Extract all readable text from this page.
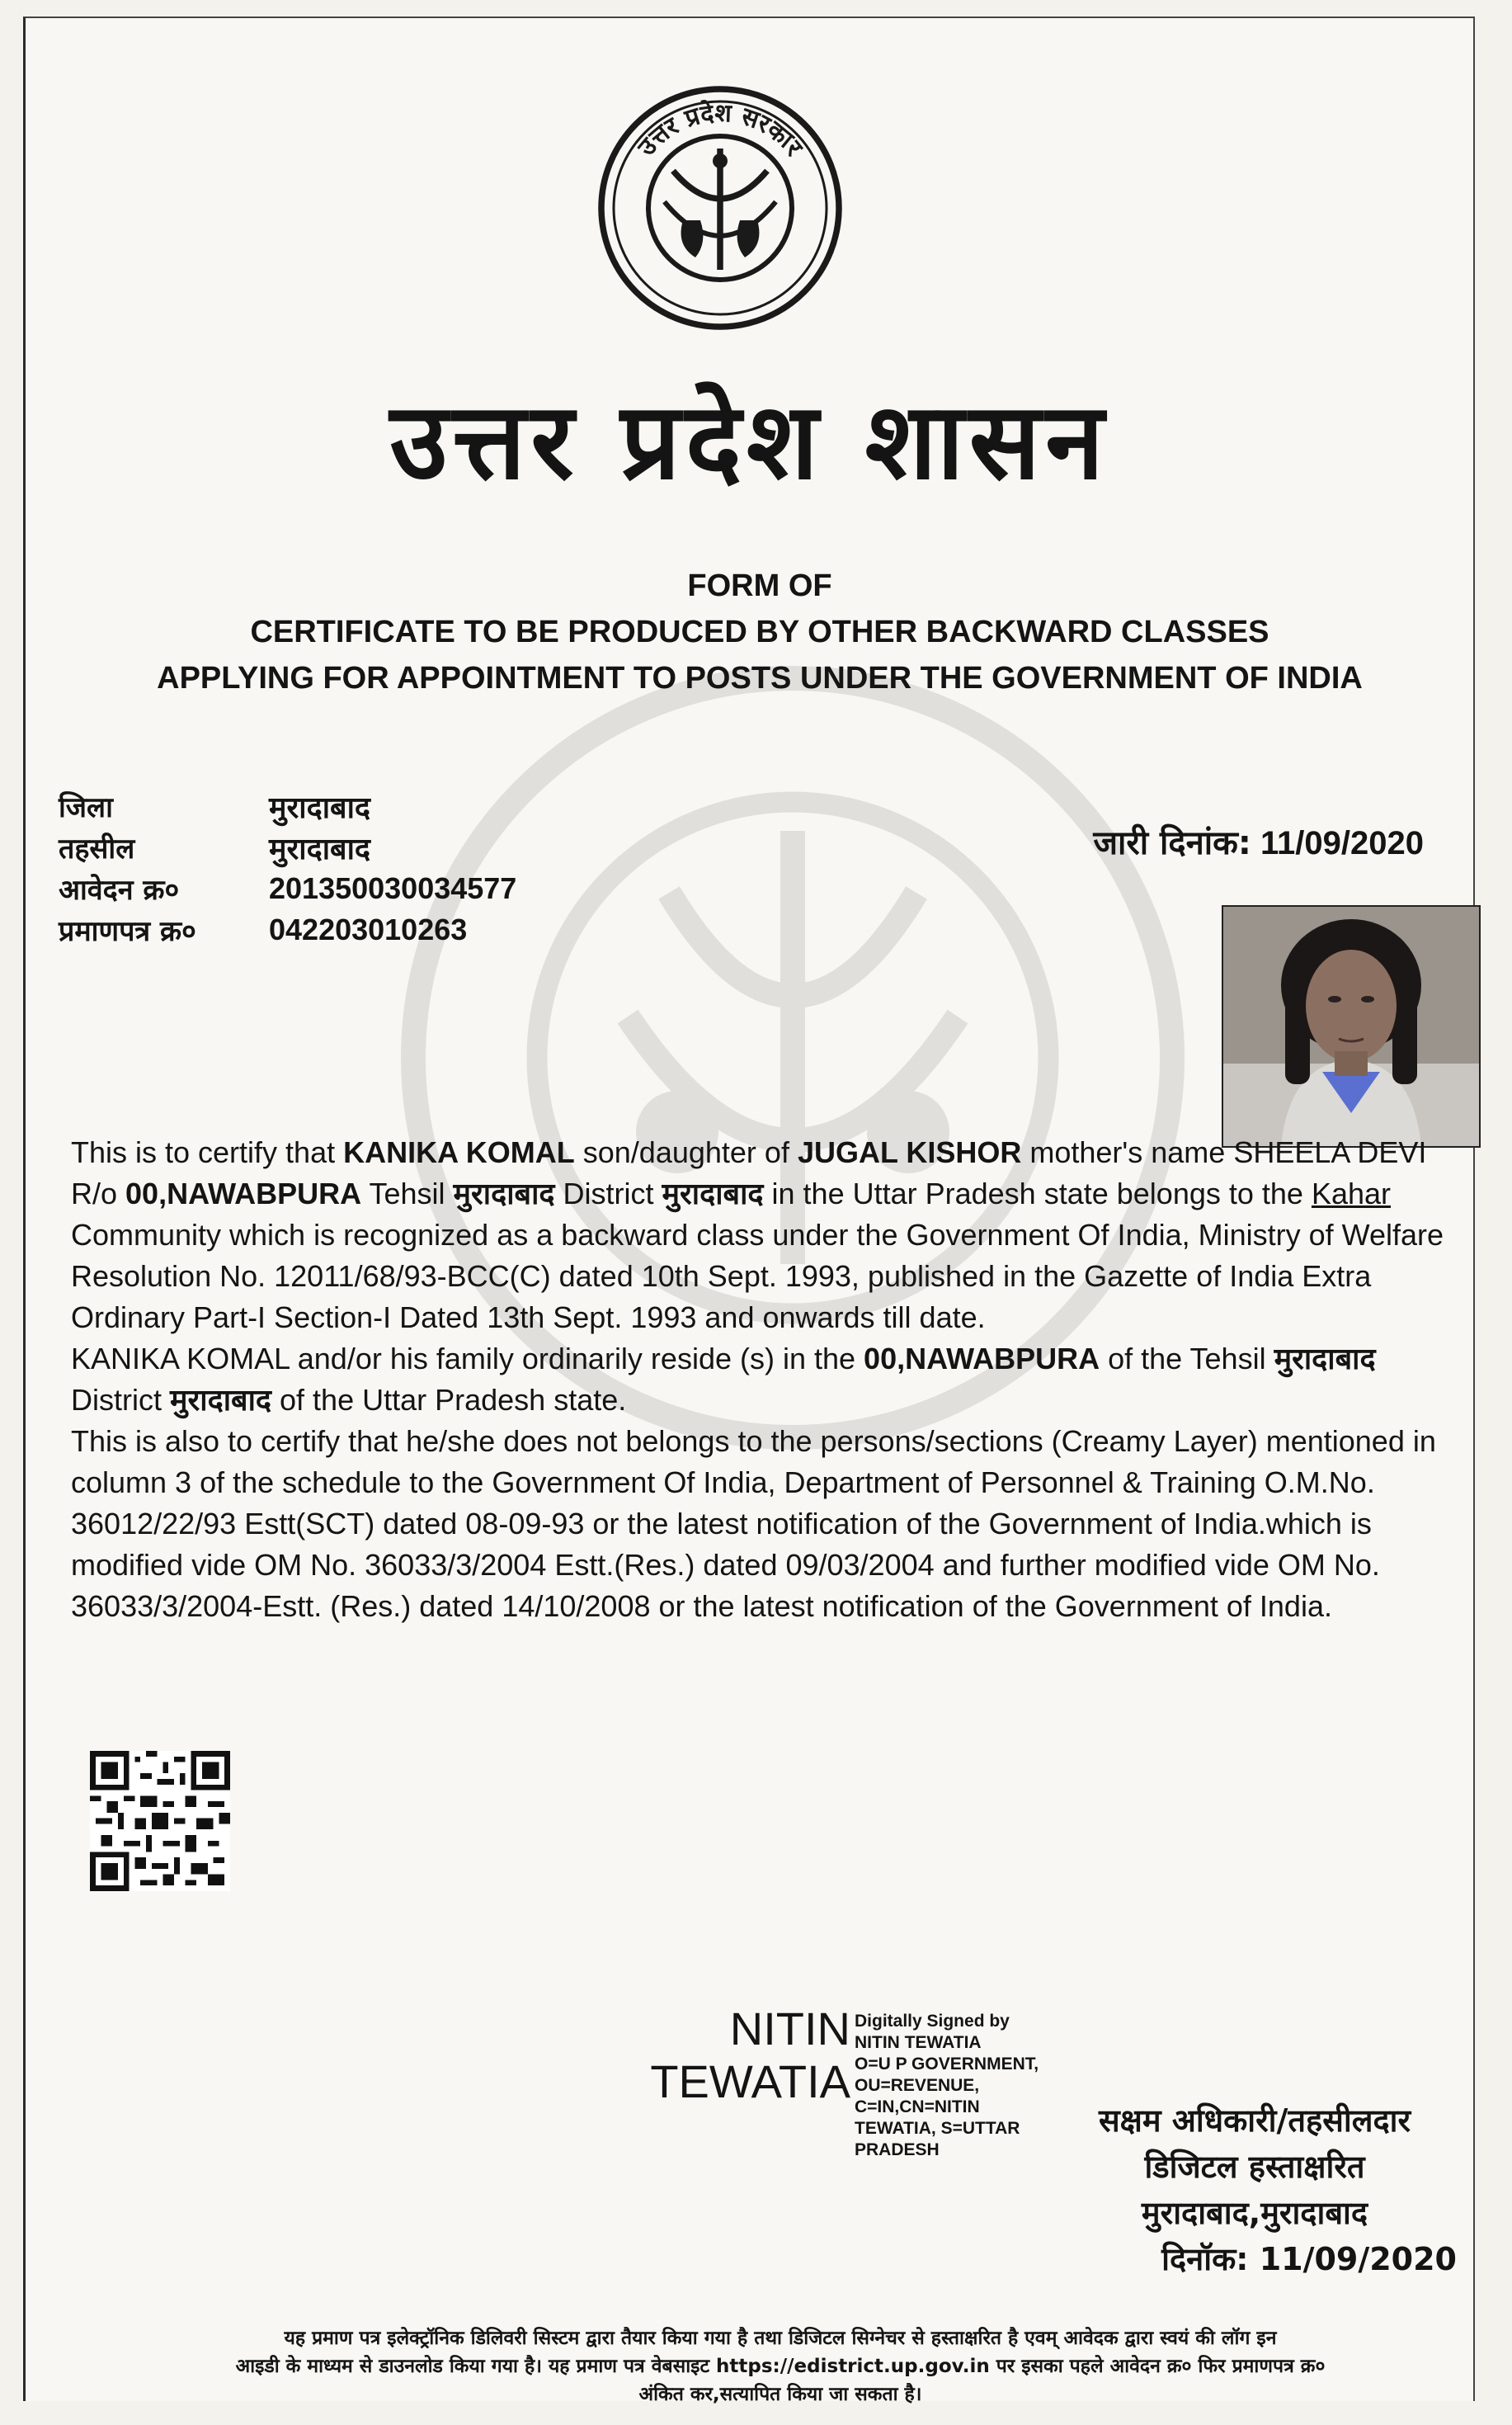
उत्तर प्रदेश सरकार
उत्तर प्रदेश शासन
FORM OF
CERTIFICATE TO BE PRODUCED BY OTHER BACKWARD CLASSES
APPLYING FOR APPOINTMENT TO POSTS UNDER THE GOVERNMENT OF INDIA
जिला	मुरादाबाद
तहसील	मुरादाबाद
आवेदन क्र०	201350030034577
प्रमाणपत्र क्र०	042203010263
जारी दिनांक: 11/09/2020

This is to certify that KANIKA KOMAL son/daughter of JUGAL KISHOR mother's name SHEELA DEVI R/o 00,NAWABPURA Tehsil मुरादाबाद District मुरादाबाद in the Uttar Pradesh state belongs to the Kahar Community which is recognized as a backward class under the Government Of India, Ministry of Welfare Resolution No. 12011/68/93-BCC(C) dated 10th Sept. 1993, published in the Gazette of India Extra Ordinary Part-I Section-I Dated 13th Sept. 1993 and onwards till date.

KANIKA KOMAL and/or his family ordinarily reside (s) in the 00,NAWABPURA of the Tehsil मुरादाबाद District मुरादाबाद of the Uttar Pradesh state.

This is also to certify that he/she does not belongs to the persons/sections (Creamy Layer) mentioned in column 3 of the schedule to the Government Of India, Department of Personnel & Training O.M.No. 36012/22/93 Estt(SCT) dated 08-09-93 or the latest notification of the Government of India.which is modified vide OM No. 36033/3/2004 Estt.(Res.) dated 09/03/2004 and further modified vide OM No. 36033/3/2004-Estt. (Res.) dated 14/10/2008 or the latest notification of the Government of India.

NITIN
TEWATIA
Digitally Signed by
NITIN TEWATIA
O=U P GOVERNMENT,
OU=REVENUE,
C=IN,CN=NITIN
TEWATIA, S=UTTAR
PRADESH
सक्षम अधिकारी/तहसीलदार
डिजिटल हस्ताक्षरित
मुरादाबाद,मुरादाबाद
दिनॉक: 11/09/2020
यह प्रमाण पत्र इलेक्ट्रॉनिक डिलिवरी सिस्टम द्वारा तैयार किया गया है तथा डिजिटल सिग्नेचर से हस्ताक्षरित है एवम् आवेदक द्वारा स्वयं की लॉग इन
आइडी के माध्यम से डाउनलोड किया गया है। यह प्रमाण पत्र वेबसाइट https://edistrict.up.gov.in पर इसका पहले आवेदन क्र० फिर प्रमाणपत्र क्र०
अंकित कर,सत्यापित किया जा सकता है।
